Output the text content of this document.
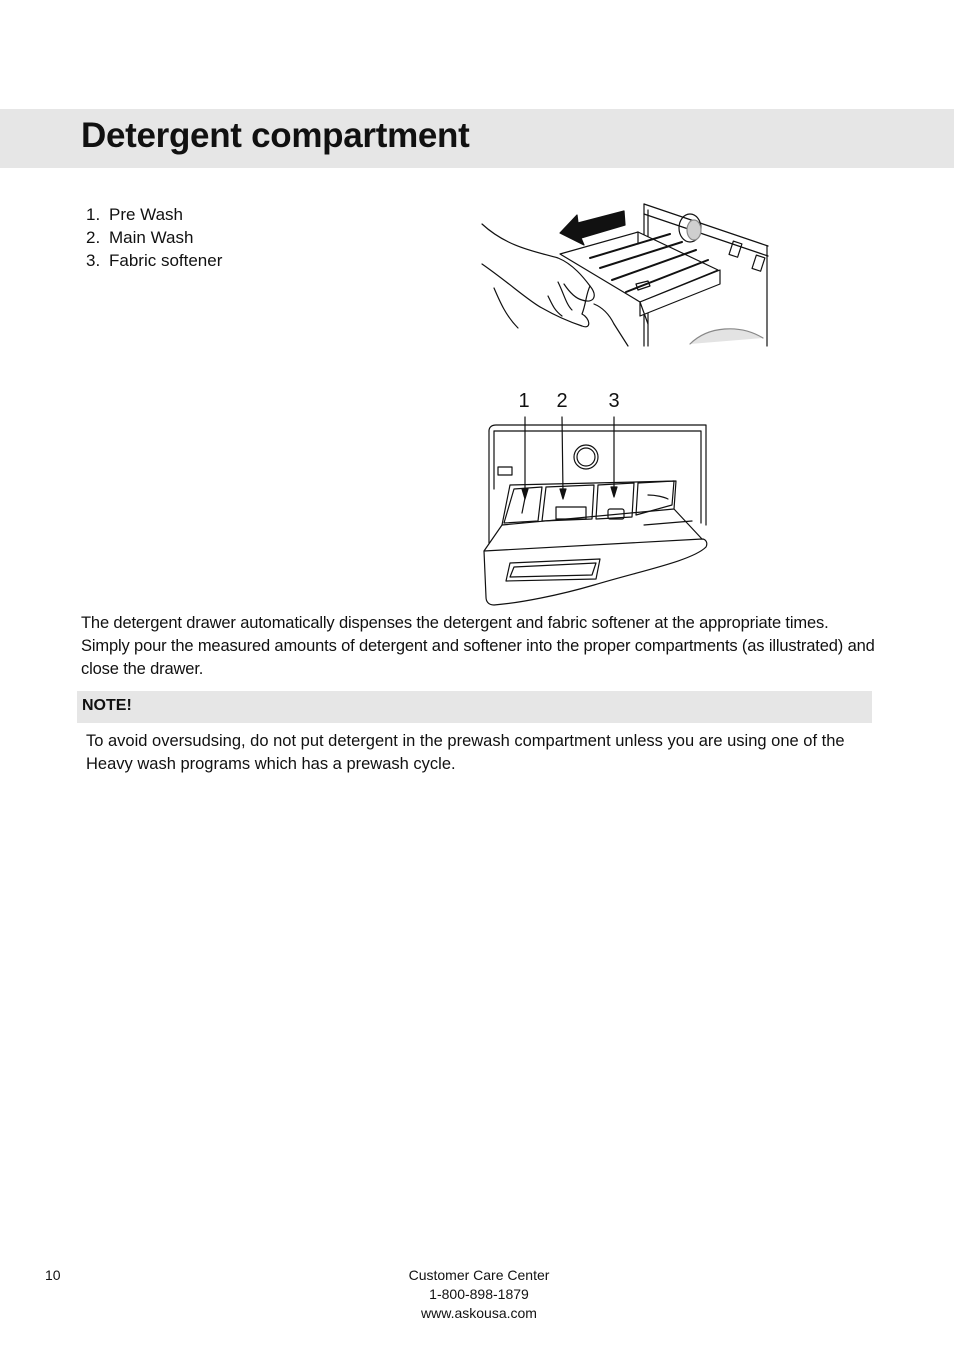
Detergent compartment
1. Pre Wash
2. Main Wash
3. Fabric softener
1 2 3

The detergent drawer automatically dispenses the detergent and fabric softener at the appropriate times. Simply pour the measured amounts of detergent and softener into the proper compartments (as illustrated) and close the drawer.

NOTE!

To avoid oversudsing, do not put detergent in the prewash compartment unless you are using one of the Heavy wash programs which has a prewash cycle.

10	Customer Care Center
1-800-898-1879
www.askousa.com
